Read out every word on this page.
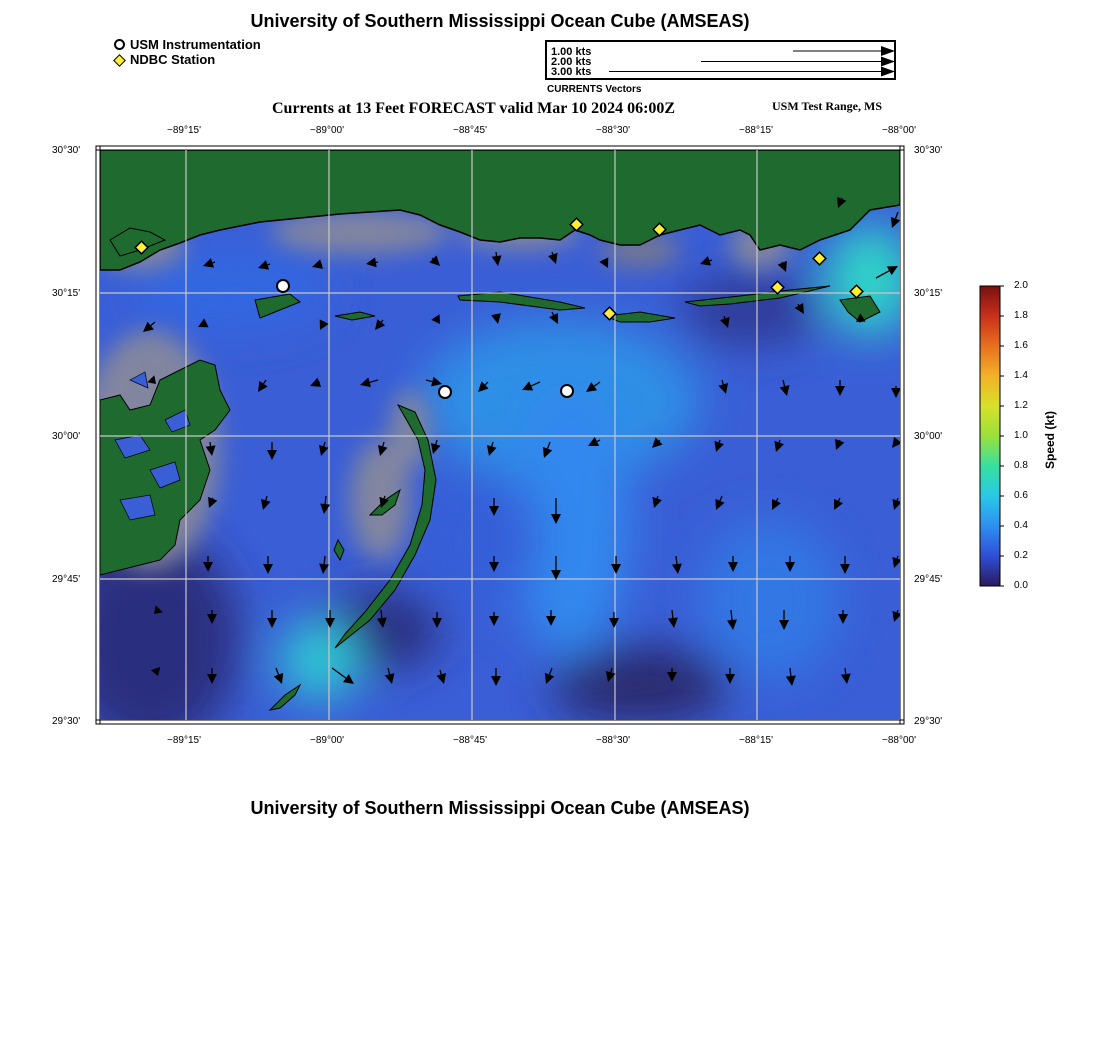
University of Southern Mississippi Ocean Cube (AMSEAS)
USM Instrumentation
NDBC Station	1.00 kts
2.00 kts
3.00 kts
CURRENTS Vectors
Currents at 13 Feet FORECAST valid Mar 10 2024 06:00Z	USM Test Range, MS
−89°15'	−89°00'	−88°45'	−88°30'	−88°15'	−88°00'
−89°15'	−89°00'	−88°45'	−88°30'	−88°15'	−88°00'
30°30'
30°15'
30°00'
29°45'
29°30'
30°30'
30°15'
30°00'
29°45'
29°30'
2.0
1.8
1.6
1.4
1.2
1.0
0.8
0.6
0.4
0.2
0.0
Speed (kt)
University of Southern Mississippi Ocean Cube (AMSEAS)
